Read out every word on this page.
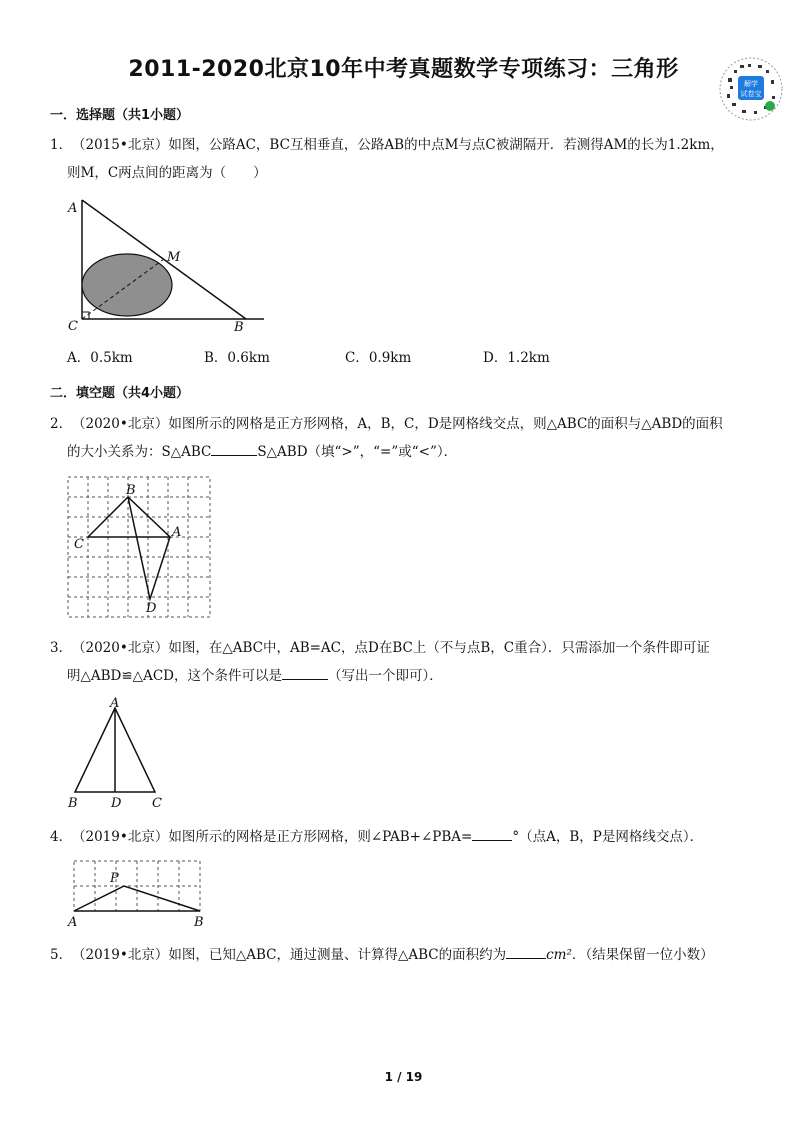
2011-2020北京10年中考真题数学专项练习：三角形
解学
试卷宝
一．选择题（共1小题）
1．（2015•北京）如图，公路AC，BC互相垂直，公路AB的中点M与点C被湖隔开．若测得AM的长为1.2km，
则M，C两点间的距离为（　　）
A
M
C	B
A．0.5km	B．0.6km	C．0.9km	D．1.2km
二．填空题（共4小题）
2．（2020•北京）如图所示的网格是正方形网格，A，B，C，D是网格线交点，则△ABC的面积与△ABD的面积
的大小关系为：S△ABC	S△ABD（填“>”，“=”或“<”）．
B
C
A
D
3．（2020•北京）如图，在△ABC中，AB=AC，点D在BC上（不与点B，C重合）．只需添加一个条件即可证
明△ABD≌△ACD，这个条件可以是	（写出一个即可）．
A
B	D C
4．（2019•北京）如图所示的网格是正方形网格，则∠PAB+∠PBA=	°（点A，B，P是网格线交点）．
P
A	B
5．（2019•北京）如图，已知△ABC，通过测量、计算得△ABC的面积约为	cm²．（结果保留一位小数）
1 / 19
